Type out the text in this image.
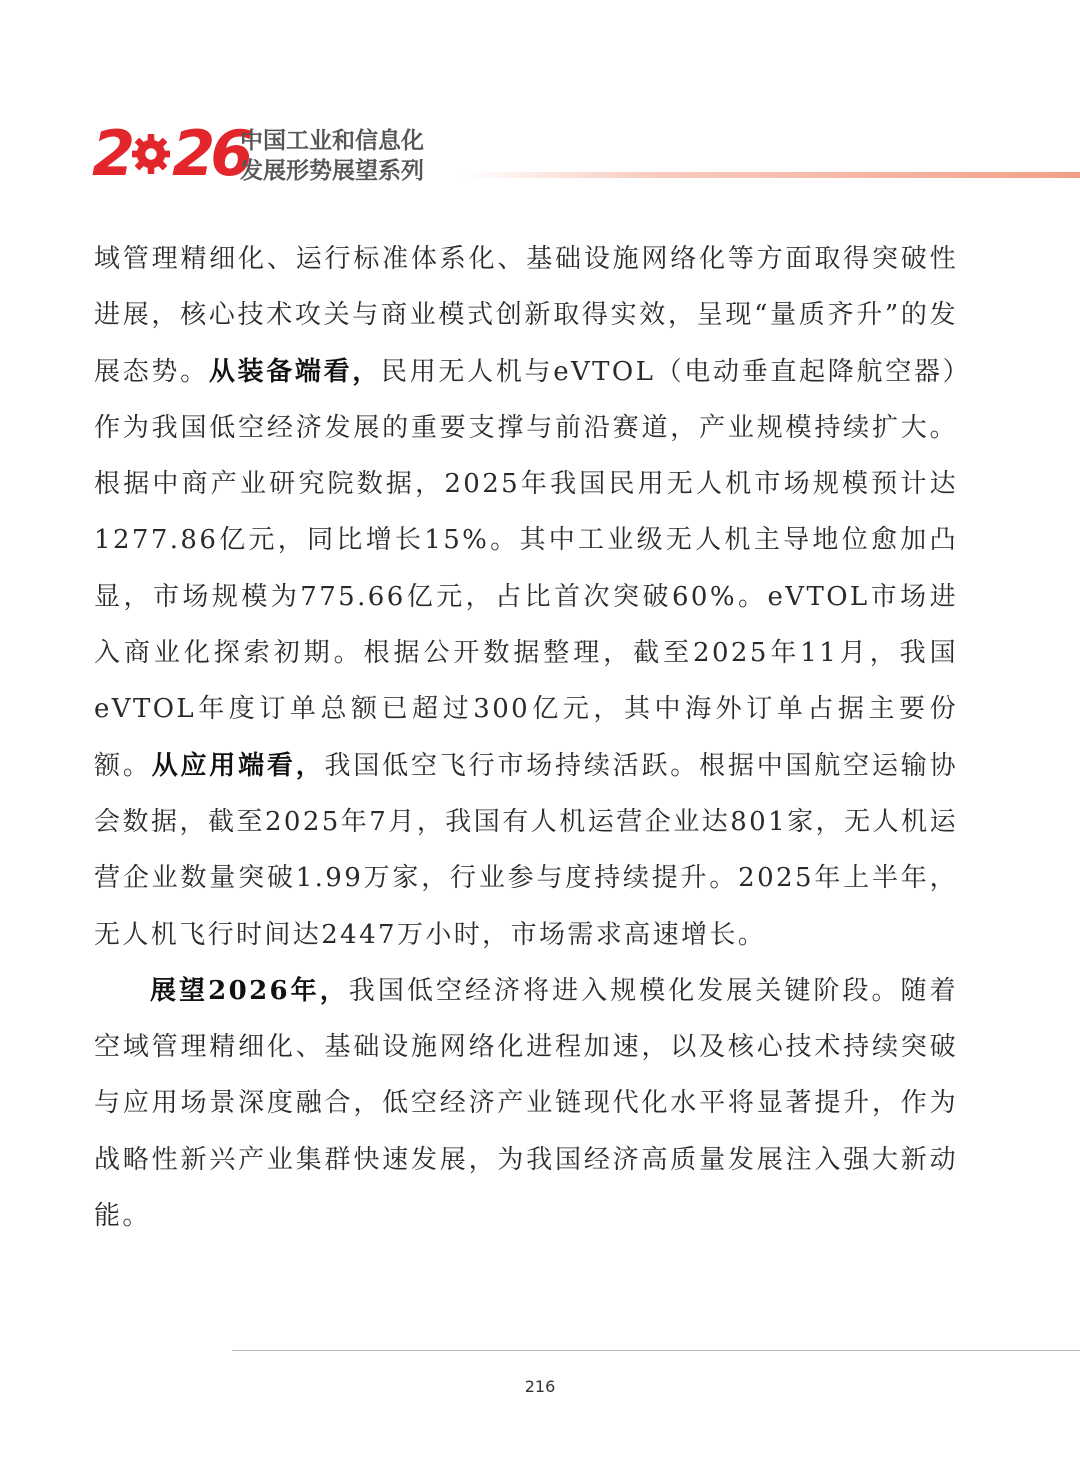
2 26
中国工业和信息化
发展形势展望系列

域管理精细化、运行标准体系化、基础设施网络化等方面取得突破性进展，核心技术攻关与商业模式创新取得实效，呈现“量质齐升”的发展态势。从装备端看，民用无人机与eVTOL（电动垂直起降航空器）作为我国低空经济发展的重要支撑与前沿赛道，产业规模持续扩大。根据中商产业研究院数据，2025年我国民用无人机市场规模预计达1277.86亿元，同比增长15%。其中工业级无人机主导地位愈加凸显，市场规模为775.66亿元，占比首次突破60%。eVTOL市场进入商业化探索初期。根据公开数据整理，截至2025年11月，我国eVTOL年度订单总额已超过300亿元，其中海外订单占据主要份额。从应用端看，我国低空飞行市场持续活跃。根据中国航空运输协会数据，截至2025年7月，我国有人机运营企业达801家，无人机运营企业数量突破1.99万家，行业参与度持续提升。2025年上半年，无人机飞行时间达2447万小时，市场需求高速增长。

展望2026年，我国低空经济将进入规模化发展关键阶段。随着空域管理精细化、基础设施网络化进程加速，以及核心技术持续突破与应用场景深度融合，低空经济产业链现代化水平将显著提升，作为战略性新兴产业集群快速发展，为我国经济高质量发展注入强大新动能。

216
